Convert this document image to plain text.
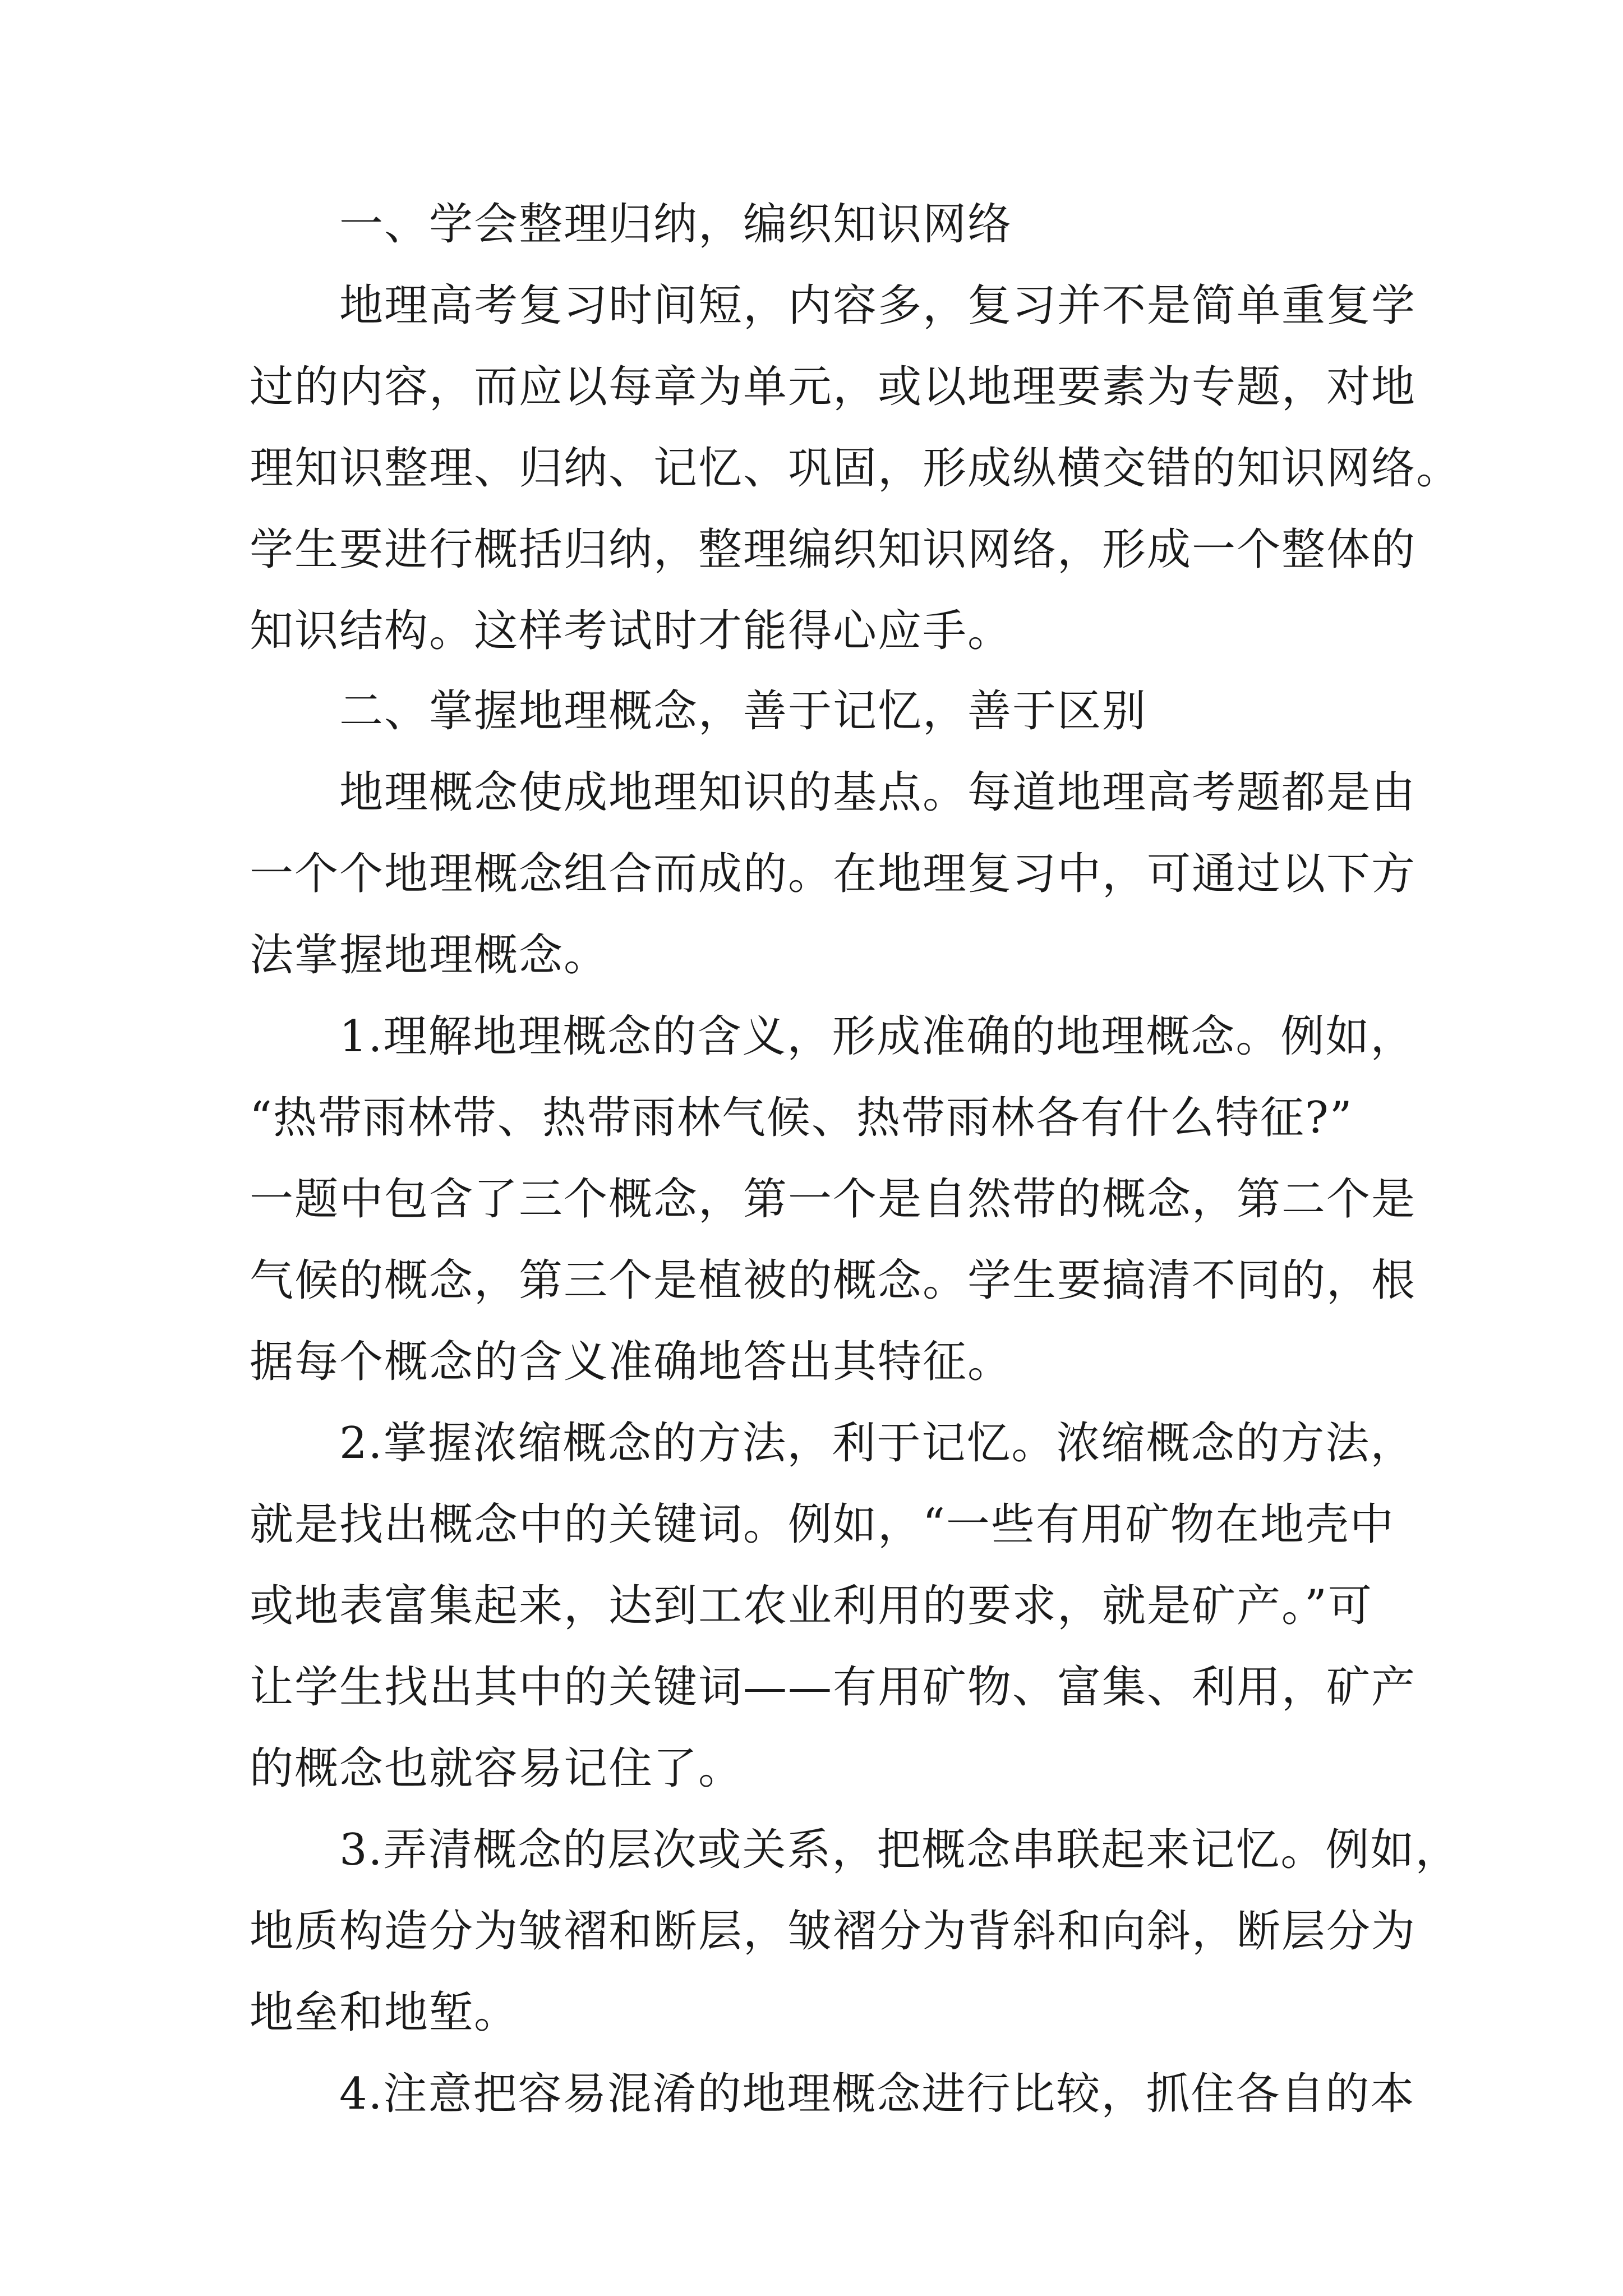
一、学会整理归纳，编织知识网络
地理高考复习时间短，内容多，复习并不是简单重复学
过的内容，而应以每章为单元，或以地理要素为专题，对地
理知识整理、归纳、记忆、巩固，形成纵横交错的知识网络。
学生要进行概括归纳，整理编织知识网络，形成一个整体的
知识结构。这样考试时才能得心应手。
二、掌握地理概念，善于记忆，善于区别
地理概念使成地理知识的基点。每道地理高考题都是由
一个个地理概念组合而成的。在地理复习中，可通过以下方
法掌握地理概念。
1.理解地理概念的含义，形成准确的地理概念。例如，
“热带雨林带、热带雨林气候、热带雨林各有什么特征?”
一题中包含了三个概念，第一个是自然带的概念，第二个是
气候的概念，第三个是植被的概念。学生要搞清不同的，根
据每个概念的含义准确地答出其特征。
2.掌握浓缩概念的方法，利于记忆。浓缩概念的方法，
就是找出概念中的关键词。例如，“一些有用矿物在地壳中
或地表富集起来，达到工农业利用的要求，就是矿产。”可
让学生找出其中的关键词——有用矿物、富集、利用，矿产
的概念也就容易记住了。
3.弄清概念的层次或关系，把概念串联起来记忆。例如，
地质构造分为皱褶和断层，皱褶分为背斜和向斜，断层分为
地垒和地堑。
4.注意把容易混淆的地理概念进行比较，抓住各自的本
